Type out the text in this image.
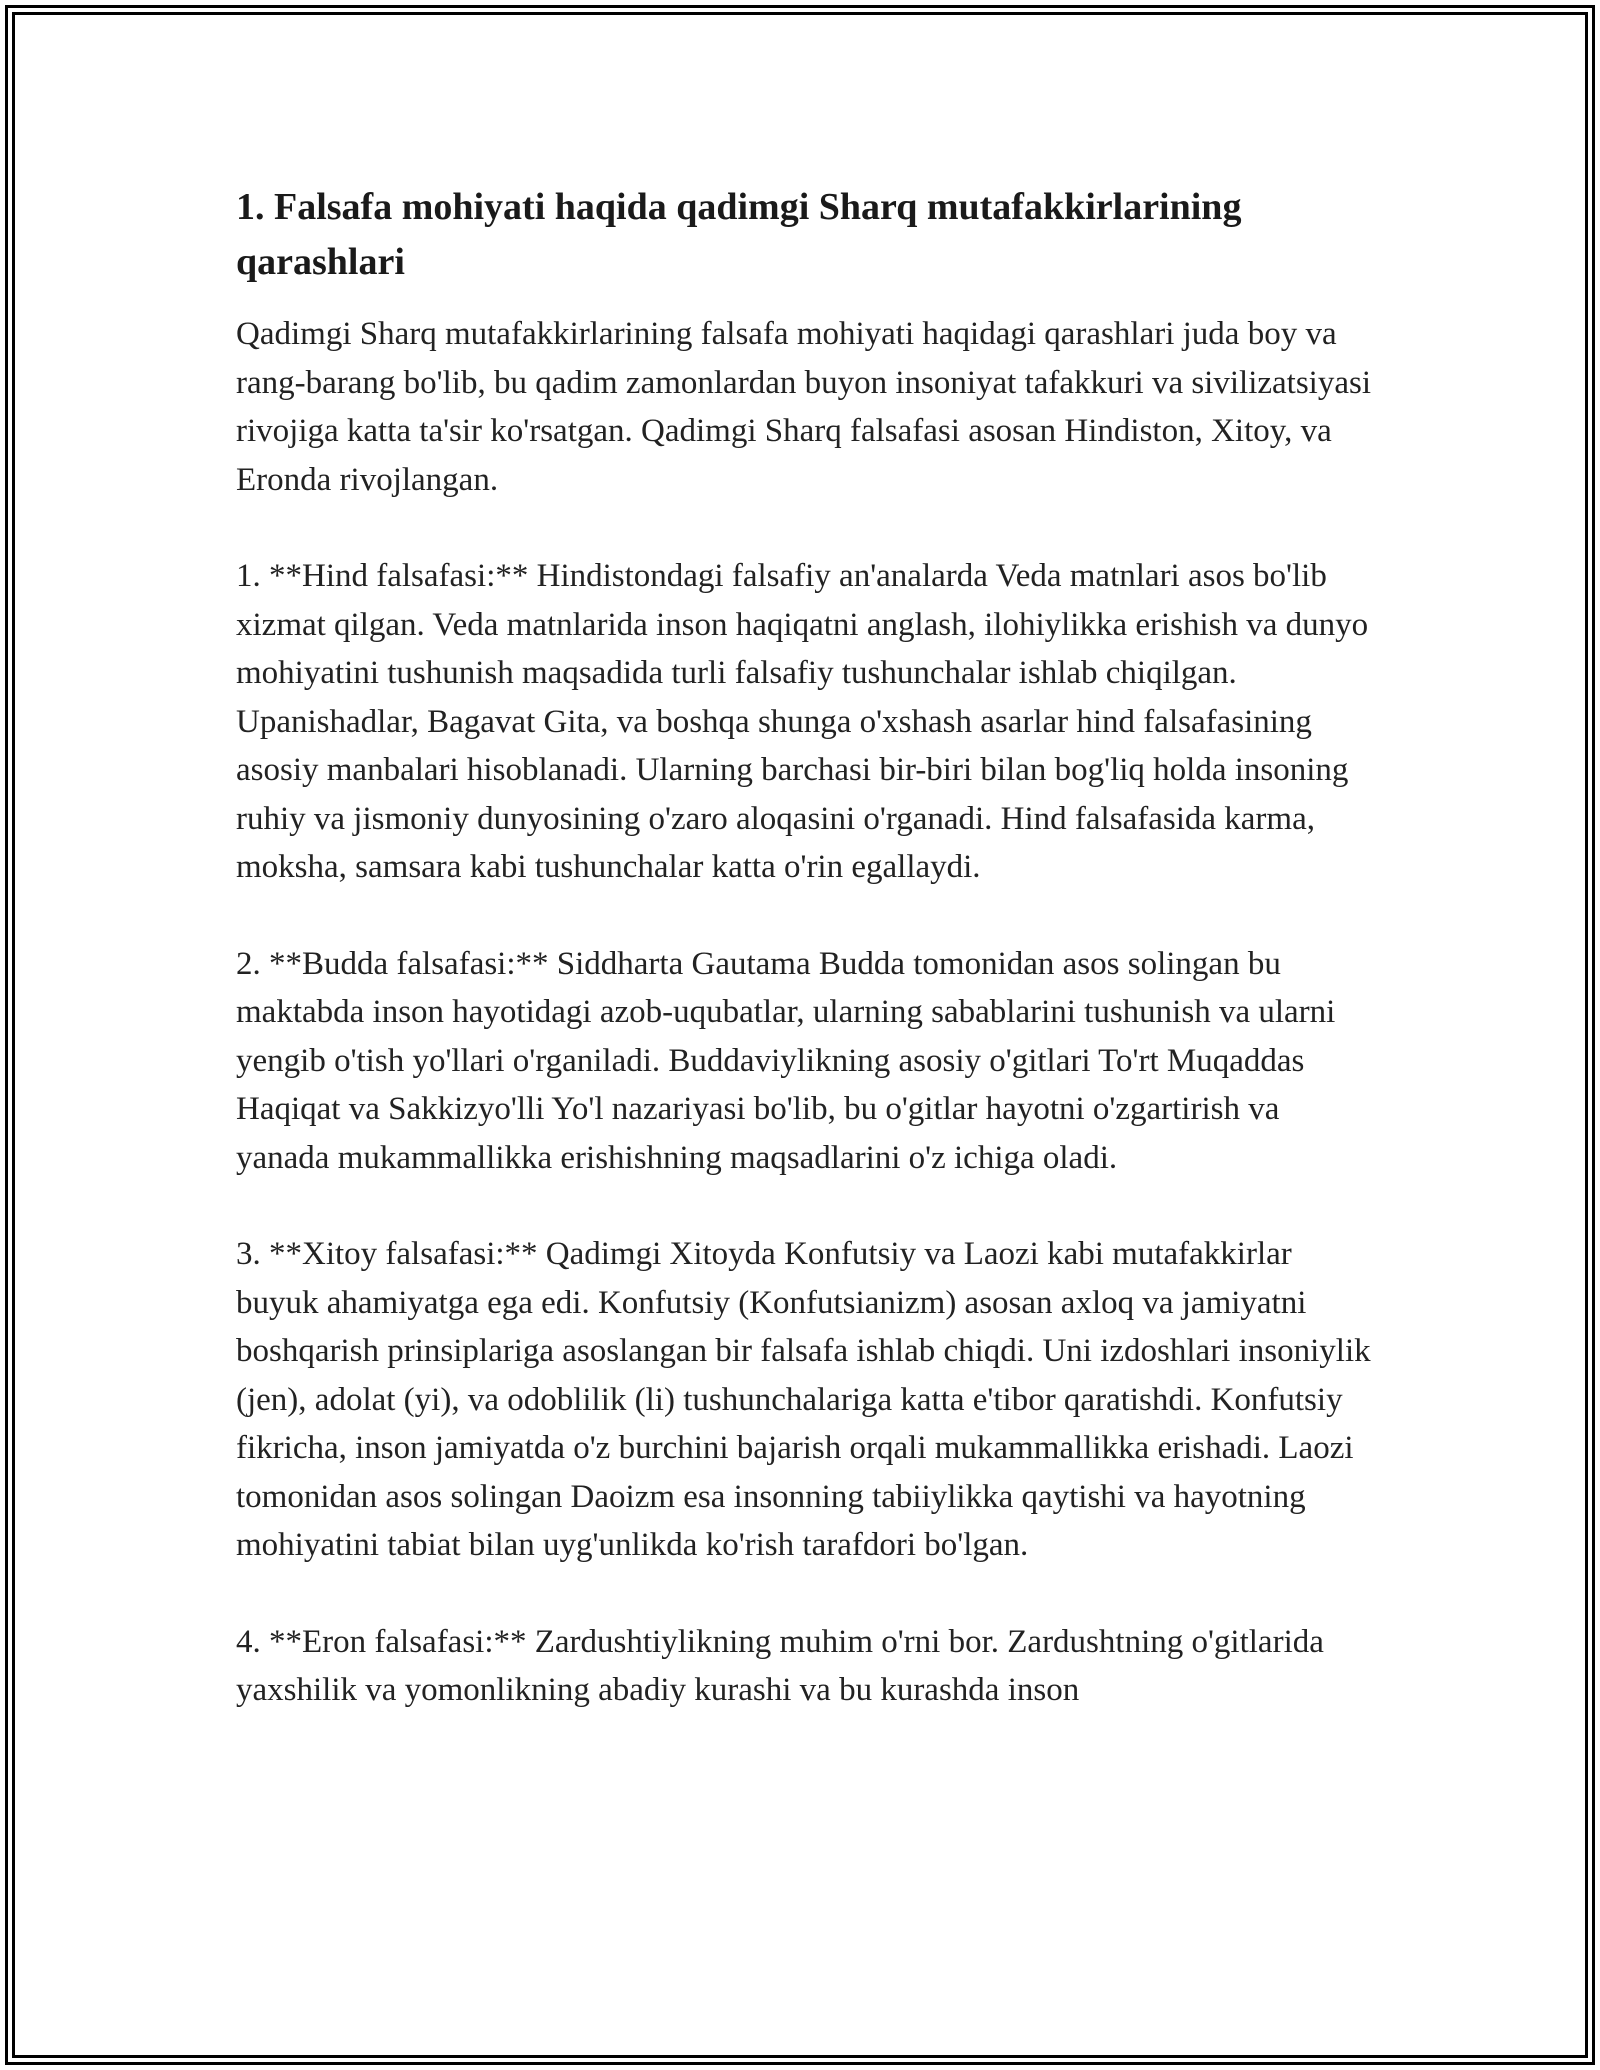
1. Falsafa mohiyati haqida qadimgi Sharq mutafakkirlarining qarashlari

Qadimgi Sharq mutafakkirlarining falsafa mohiyati haqidagi qarashlari juda boy va rang-barang bo'lib, bu qadim zamonlardan buyon insoniyat tafakkuri va sivilizatsiyasi rivojiga katta ta'sir ko'rsatgan. Qadimgi Sharq falsafasi asosan Hindiston, Xitoy, va Eronda rivojlangan.

1. **Hind falsafasi:** Hindistondagi falsafiy an'analarda Veda matnlari asos bo'lib xizmat qilgan. Veda matnlarida inson haqiqatni anglash, ilohiylikka erishish va dunyo mohiyatini tushunish maqsadida turli falsafiy tushunchalar ishlab chiqilgan. Upanishadlar, Bagavat Gita, va boshqa shunga o'xshash asarlar hind falsafasining asosiy manbalari hisoblanadi. Ularning barchasi bir-biri bilan bog'liq holda insoning ruhiy va jismoniy dunyosining o'zaro aloqasini o'rganadi. Hind falsafasida karma, moksha, samsara kabi tushunchalar katta o'rin egallaydi.

2. **Budda falsafasi:** Siddharta Gautama Budda tomonidan asos solingan bu maktabda inson hayotidagi azob-uqubatlar, ularning sabablarini tushunish va ularni yengib o'tish yo'llari o'rganiladi. Buddaviylikning asosiy o'gitlari To'rt Muqaddas Haqiqat va Sakkizyo'lli Yo'l nazariyasi bo'lib, bu o'gitlar hayotni o'zgartirish va yanada mukammallikka erishishning maqsadlarini o'z ichiga oladi.

3. **Xitoy falsafasi:** Qadimgi Xitoyda Konfutsiy va Laozi kabi mutafakkirlar buyuk ahamiyatga ega edi. Konfutsiy (Konfutsianizm) asosan axloq va jamiyatni boshqarish prinsiplariga asoslangan bir falsafa ishlab chiqdi. Uni izdoshlari insoniylik (jen), adolat (yi), va odoblilik (li) tushunchalariga katta e'tibor qaratishdi. Konfutsiy fikricha, inson jamiyatda o'z burchini bajarish orqali mukammallikka erishadi. Laozi tomonidan asos solingan Daoizm esa insonning tabiiylikka qaytishi va hayotning mohiyatini tabiat bilan uyg'unlikda ko'rish tarafdori bo'lgan.

4. **Eron falsafasi:** Zardushtiylikning muhim o'rni bor. Zardushtning o'gitlarida yaxshilik va yomonlikning abadiy kurashi va bu kurashda inson
